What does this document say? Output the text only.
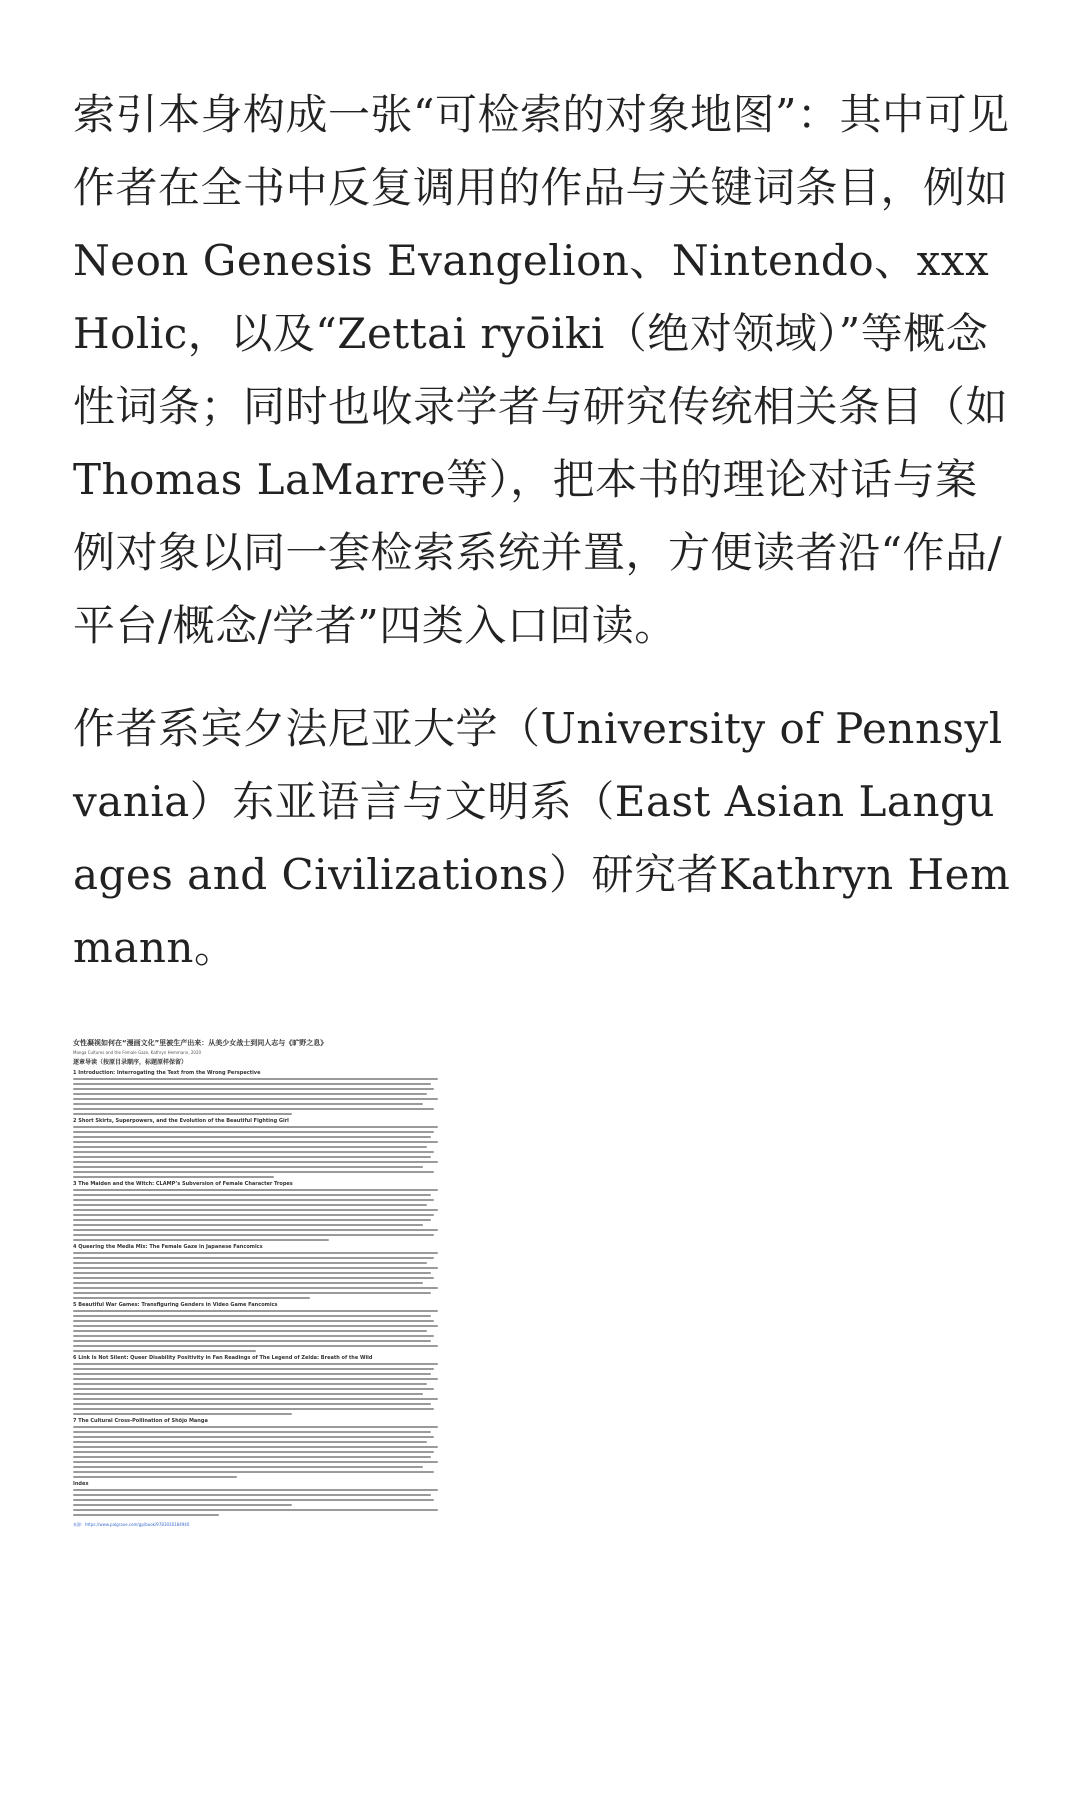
索引本身构成一张“可检索的对象地图”：其中可见作者在全书中反复调用的作品与关键词条目，例如 Neon Genesis Evangelion、Nintendo、xxx Holic，以及“Zettai ryōiki（绝对领域）”等概念性词条；同时也收录学者与研究传统相关条目（如Thomas LaMarre等），把本书的理论对话与案例对象以同一套检索系统并置，方便读者沿“作品/平台/概念/学者”四类入口回读。

作者系宾夕法尼亚大学（University of Pennsylvania）东亚语言与文明系（East Asian Languages and Civilizations）研究者Kathryn Hemmann。

女性凝视如何在“漫画文化”里被生产出来：从美少女战士到同人志与《旷野之息》
Manga Cultures and the Female Gaze, Kathryn Hemmann, 2020
逐章导读（按原目录顺序，标题原样保留）
1 Introduction: Interrogating the Text from the Wrong Perspective
2 Short Skirts, Superpowers, and the Evolution of the Beautiful Fighting Girl
3 The Maiden and the Witch: CLAMP’s Subversion of Female Character Tropes
4 Queering the Media Mix: The Female Gaze in Japanese Fancomics
5 Beautiful War Games: Transfiguring Genders in Video Game Fancomics
6 Link Is Not Silent: Queer Disability Positivity in Fan Readings of The Legend of Zelda: Breath of the Wild
7 The Cultural Cross-Pollination of Shōjo Manga
Index
来源：https://www.palgrave.com/gp/book/9783030184940
